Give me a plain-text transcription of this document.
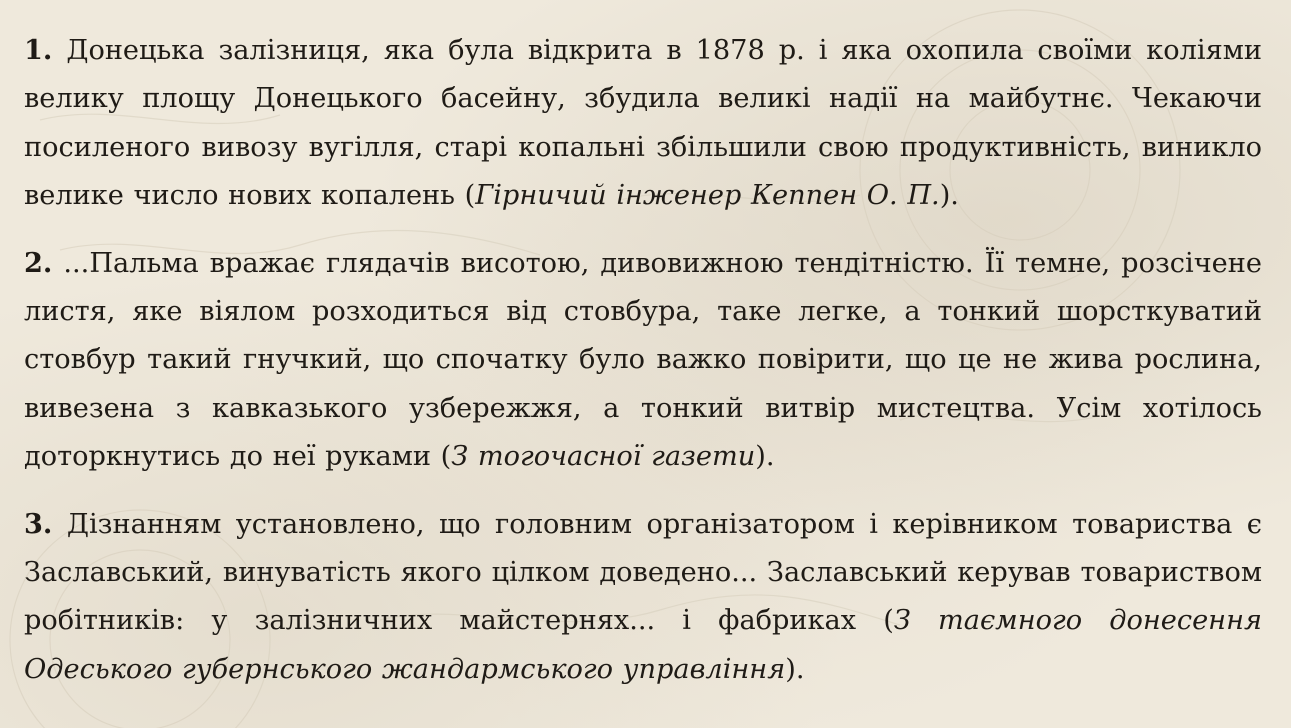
1. Донецька залізниця, яка була відкрита в 1878 р. і яка охопила своїми коліями велику площу Донецького басейну, збудила великі надії на майбутнє. Чекаючи посиленого вивозу вугілля, старі копальні збільшили свою продуктивність, виникло велике число нових копалень (Гірничий інженер Кеппен О. П.).

2. ...Пальма вражає глядачів висотою, дивовижною тендітністю. Її темне, розсічене листя, яке віялом розходиться від стовбура, таке легке, а тонкий шорсткуватий стовбур такий гнучкий, що спочатку було важко повірити, що це не жива рослина, вивезена з кавказького узбережжя, а тонкий витвір мистецтва. Усім хотілось доторкнутись до неї руками (З тогочасної газети).

3. Дізнанням установлено, що головним організатором і керівником товариства є Заславський, винуватість якого цілком доведено... Заславський керував товариством робітників: у залізничних майстернях... і фабриках (З таємного донесення Одеського губернського жандармського управління).
